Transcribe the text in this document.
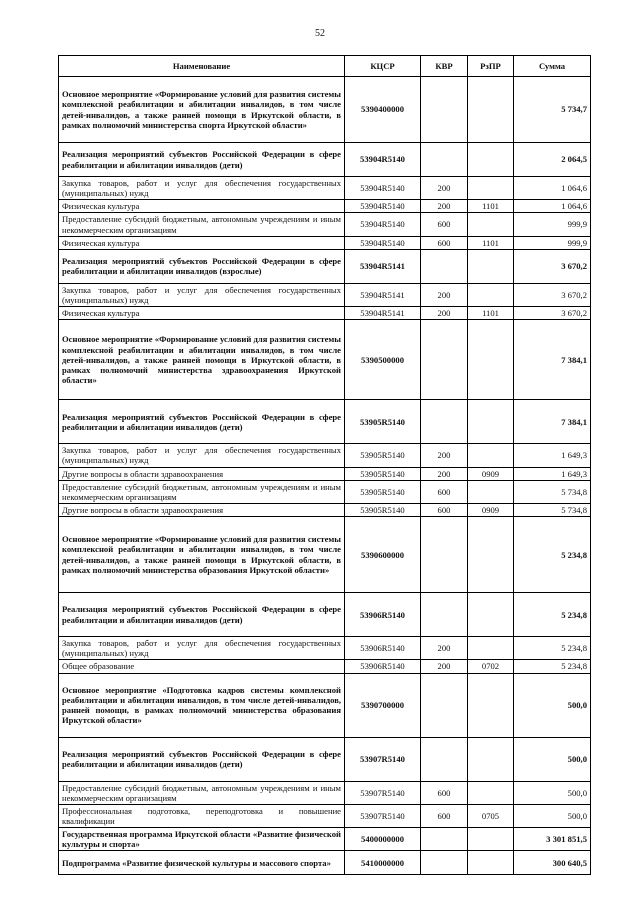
52
Наименование	КЦСР	КВР	РзПР	Сумма
Основное мероприятие «Формирование условий для развития системы комплексной реабилитации и абилитации инвалидов, в том числе детей-инвалидов, а также ранней помощи в Иркутской области, в рамках полномочий министерства спорта Иркутской области»	5390400000			5 734,7
Реализация мероприятий субъектов Российской Федерации в сфере реабилитации и абилитации инвалидов (дети)	53904R5140			2 064,5
Закупка товаров, работ и услуг для обеспечения государственных (муниципальных) нужд	53904R5140	200		1 064,6
Физическая культура	53904R5140	200	1101	1 064,6
Предоставление субсидий бюджетным, автономным учреждениям и иным некоммерческим организациям	53904R5140	600		999,9
Физическая культура	53904R5140	600	1101	999,9
Реализация мероприятий субъектов Российской Федерации в сфере реабилитации и абилитации инвалидов (взрослые)	53904R5141			3 670,2
Закупка товаров, работ и услуг для обеспечения государственных (муниципальных) нужд	53904R5141	200		3 670,2
Физическая культура	53904R5141	200	1101	3 670,2
Основное мероприятие «Формирование условий для развития системы комплексной реабилитации и абилитации инвалидов, в том числе детей-инвалидов, а также ранней помощи в Иркутской области, в рамках полномочий министерства здравоохранения Иркутской области»	5390500000			7 384,1
Реализация мероприятий субъектов Российской Федерации в сфере реабилитации и абилитации инвалидов (дети)	53905R5140			7 384,1
Закупка товаров, работ и услуг для обеспечения государственных (муниципальных) нужд	53905R5140	200		1 649,3
Другие вопросы в области здравоохранения	53905R5140	200	0909	1 649,3
Предоставление субсидий бюджетным, автономным учреждениям и иным некоммерческим организациям	53905R5140	600		5 734,8
Другие вопросы в области здравоохранения	53905R5140	600	0909	5 734,8
Основное мероприятие «Формирование условий для развития системы комплексной реабилитации и абилитации инвалидов, в том числе детей-инвалидов, а также ранней помощи в Иркутской области, в рамках полномочий министерства образования Иркутской области»	5390600000			5 234,8
Реализация мероприятий субъектов Российской Федерации в сфере реабилитации и абилитации инвалидов (дети)	53906R5140			5 234,8
Закупка товаров, работ и услуг для обеспечения государственных (муниципальных) нужд	53906R5140	200		5 234,8
Общее образование	53906R5140	200	0702	5 234,8
Основное мероприятие «Подготовка кадров системы комплексной реабилитации и абилитации инвалидов, в том числе детей-инвалидов, ранней помощи, в рамках полномочий министерства образования Иркутской области»	5390700000			500,0
Реализация мероприятий субъектов Российской Федерации в сфере реабилитации и абилитации инвалидов (дети)	53907R5140			500,0
Предоставление субсидий бюджетным, автономным учреждениям и иным некоммерческим организациям	53907R5140	600		500,0
Профессиональная подготовка, переподготовка и повышение квалификации	53907R5140	600	0705	500,0
Государственная программа Иркутской области «Развитие физической культуры и спорта»	5400000000			3 301 851,5
Подпрограмма «Развитие физической культуры и массового спорта»	5410000000			300 640,5
